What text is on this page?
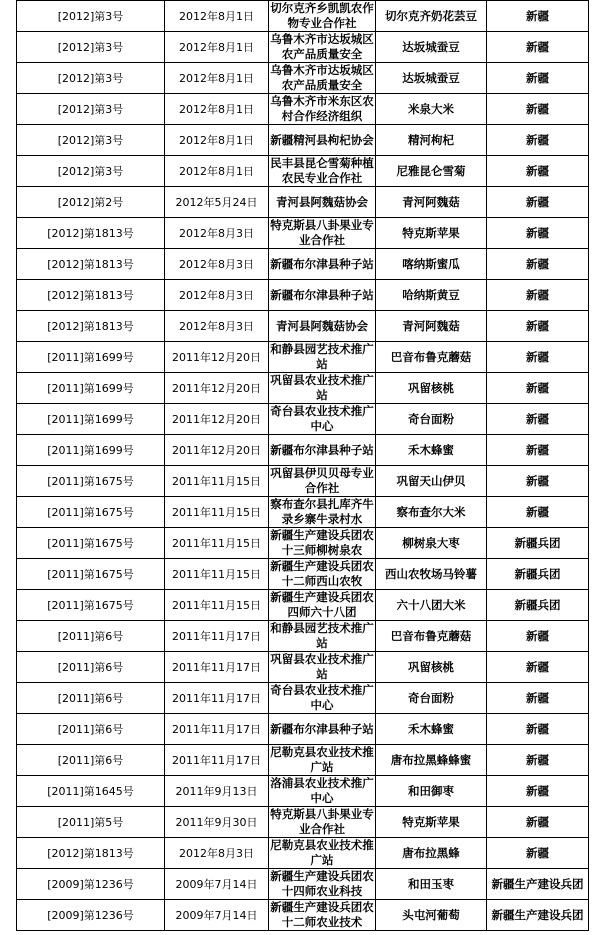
[2012]第3号	2012年8月1日	切尔克齐乡凯凯农作物专业合作社	切尔克齐奶花芸豆	新疆
[2012]第3号	2012年8月1日	乌鲁木齐市达坂城区农产品质量安全	达坂城蚕豆	新疆
[2012]第3号	2012年8月1日	乌鲁木齐市达坂城区农产品质量安全	达坂城蚕豆	新疆
[2012]第3号	2012年8月1日	乌鲁木齐市米东区农村合作经济组织	米泉大米	新疆
[2012]第3号	2012年8月1日	新疆精河县枸杞协会	精河枸杞	新疆
[2012]第3号	2012年8月1日	民丰县昆仑雪菊种植农民专业合作社	尼雅昆仑雪菊	新疆
[2012]第2号	2012年5月24日	青河县阿魏菇协会	青河阿魏菇	新疆
[2012]第1813号	2012年8月3日	特克斯县八卦果业专业合作社	特克斯苹果	新疆
[2012]第1813号	2012年8月3日	新疆布尔津县种子站	喀纳斯蜜瓜	新疆
[2012]第1813号	2012年8月3日	新疆布尔津县种子站	哈纳斯黄豆	新疆
[2012]第1813号	2012年8月3日	青河县阿魏菇协会	青河阿魏菇	新疆
[2011]第1699号	2011年12月20日	和静县园艺技术推广站	巴音布鲁克蘑菇	新疆
[2011]第1699号	2011年12月20日	巩留县农业技术推广站	巩留核桃	新疆
[2011]第1699号	2011年12月20日	奇台县农业技术推广中心	奇台面粉	新疆
[2011]第1699号	2011年12月20日	新疆布尔津县种子站	禾木蜂蜜	新疆
[2011]第1675号	2011年11月15日	巩留县伊贝贝母专业合作社	巩留天山伊贝	新疆
[2011]第1675号	2011年11月15日	察布查尔县扎库齐牛录乡寨牛录村水	察布查尔大米	新疆
[2011]第1675号	2011年11月15日	新疆生产建设兵团农十三师柳树泉农	柳树泉大枣	新疆兵团
[2011]第1675号	2011年11月15日	新疆生产建设兵团农十二师西山农牧	西山农牧场马铃薯	新疆兵团
[2011]第1675号	2011年11月15日	新疆生产建设兵团农四师六十八团	六十八团大米	新疆兵团
[2011]第6号	2011年11月17日	和静县园艺技术推广站	巴音布鲁克蘑菇	新疆
[2011]第6号	2011年11月17日	巩留县农业技术推广站	巩留核桃	新疆
[2011]第6号	2011年11月17日	奇台县农业技术推广中心	奇台面粉	新疆
[2011]第6号	2011年11月17日	新疆布尔津县种子站	禾木蜂蜜	新疆
[2011]第6号	2011年11月17日	尼勒克县农业技术推广站	唐布拉黑蜂蜂蜜	新疆
[2011]第1645号	2011年9月13日	洛浦县农业技术推广中心	和田御枣	新疆
[2011]第5号	2011年9月30日	特克斯县八卦果业专业合作社	特克斯苹果	新疆
[2012]第1813号	2012年8月3日	尼勒克县农业技术推广站	唐布拉黑蜂	新疆
[2009]第1236号	2009年7月14日	新疆生产建设兵团农十四师农业科技	和田玉枣	新疆生产建设兵团
[2009]第1236号	2009年7月14日	新疆生产建设兵团农十二师农业技术	头屯河葡萄	新疆生产建设兵团
